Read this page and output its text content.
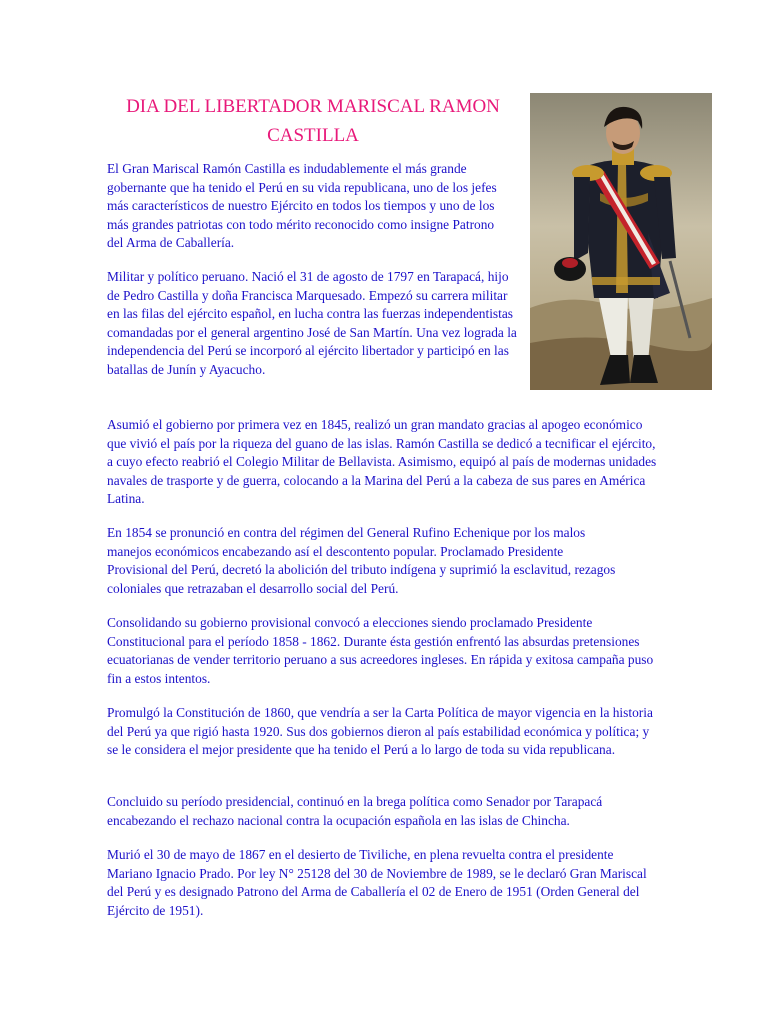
DIA DEL LIBERTADOR MARISCAL RAMON CASTILLA

El Gran Mariscal Ramón Castilla es indudablemente el más grande gobernante que ha tenido el Perú en su vida republicana, uno de los jefes más característicos de nuestro Ejército en todos los tiempos y uno de los más grandes patriotas con todo mérito reconocido como insigne Patrono del Arma de Caballería.

Militar y político peruano. Nació el 31 de agosto de 1797 en Tarapacá, hijo de Pedro Castilla y doña Francisca Marquesado. Empezó su carrera militar en las filas del ejército español, en lucha contra las fuerzas independentistas comandadas por el general argentino José de San Martín. Una vez lograda la independencia del Perú se incorporó al ejército libertador y participó en las batallas de Junín y Ayacucho.

Asumió el gobierno por primera vez en 1845, realizó un gran mandato gracias al apogeo económico que vivió el país por la riqueza del guano de las islas. Ramón Castilla se dedicó a tecnificar el ejército, a cuyo efecto reabrió el Colegio Militar de Bellavista. Asimismo, equipó al país de modernas unidades navales de trasporte y de guerra, colocando a la Marina del Perú a la cabeza de sus pares en América Latina.

En 1854 se pronunció en contra del régimen del General Rufino Echenique por los malos manejos económicos encabezando así el descontento popular. Proclamado Presidente Provisional del Perú, decretó la abolición del tributo indígena y suprimió la esclavitud, rezagos coloniales que retrazaban el desarrollo social del Perú.

Consolidando su gobierno provisional convocó a elecciones siendo proclamado Presidente Constitucional para el período 1858 - 1862. Durante ésta gestión enfrentó las absurdas pretensiones ecuatorianas de vender territorio peruano a sus acreedores ingleses. En rápida y exitosa campaña puso fin a estos intentos.

Promulgó la Constitución de 1860, que vendría a ser la Carta Política de mayor vigencia en la historia del Perú ya que rigió hasta 1920. Sus dos gobiernos dieron al país estabilidad económica y política; y se le considera el mejor presidente que ha tenido el Perú a lo largo de toda su vida republicana.

Concluido su período presidencial, continuó en la brega política como Senador por Tarapacá encabezando el rechazo nacional contra la ocupación española en las islas de Chincha.

Murió el 30 de mayo de 1867 en el desierto de Tiviliche, en plena revuelta contra el presidente Mariano Ignacio Prado. Por ley N° 25128 del 30 de Noviembre de 1989, se le declaró Gran Mariscal del Perú y es designado Patrono del Arma de Caballería el 02 de Enero de 1951 (Orden General del Ejército de 1951).
